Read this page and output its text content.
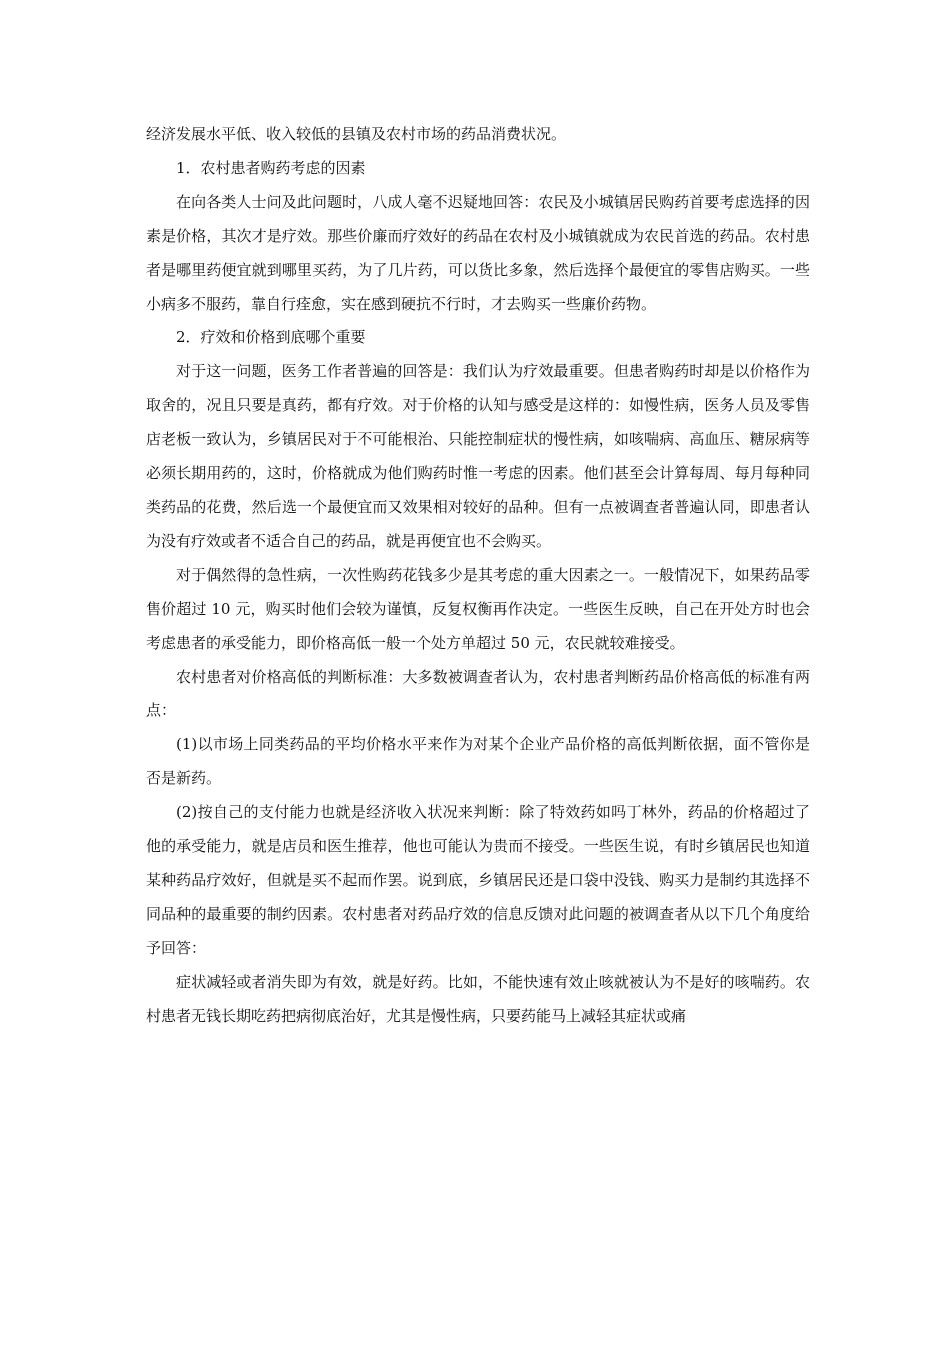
经济发展水平低、收入较低的县镇及农村市场的药品消费状况。

1．农村患者购药考虑的因素

在向各类人士问及此问题时，八成人毫不迟疑地回答：农民及小城镇居民购药首要考虑选择的因素是价格，其次才是疗效。那些价廉而疗效好的药品在农村及小城镇就成为农民首选的药品。农村患者是哪里药便宜就到哪里买药，为了几片药，可以货比多象，然后选择个最便宜的零售店购买。一些小病多不服药，靠自行痊愈，实在感到硬抗不行时，才去购买一些廉价药物。

2．疗效和价格到底哪个重要

对于这一问题，医务工作者普遍的回答是：我们认为疗效最重要。但患者购药时却是以价格作为取舍的，况且只要是真药，都有疗效。对于价格的认知与感受是这样的：如慢性病，医务人员及零售店老板一致认为，乡镇居民对于不可能根治、只能控制症状的慢性病，如咳喘病、高血压、糖尿病等必须长期用药的，这时，价格就成为他们购药时惟一考虑的因素。他们甚至会计算每周、每月每种同类药品的花费，然后选一个最便宜而又效果相对较好的品种。但有一点被调查者普遍认同，即患者认为没有疗效或者不适合自己的药品，就是再便宜也不会购买。

对于偶然得的急性病，一次性购药花钱多少是其考虑的重大因素之一。一般情况下，如果药品零售价超过 10 元，购买时他们会较为谨慎，反复权衡再作决定。一些医生反映，自己在开处方时也会考虑患者的承受能力，即价格高低一般一个处方单超过 50 元，农民就较难接受。

农村患者对价格高低的判断标准：大多数被调查者认为，农村患者判断药品价格高低的标准有两点：

(1)以市场上同类药品的平均价格水平来作为对某个企业产品价格的高低判断依据，面不管你是否是新药。

(2)按自己的支付能力也就是经济收入状况来判断：除了特效药如吗丁林外，药品的价格超过了他的承受能力，就是店员和医生推荐，他也可能认为贵而不接受。一些医生说，有时乡镇居民也知道某种药品疗效好，但就是买不起而作罢。说到底，乡镇居民还是口袋中没钱、购买力是制约其选择不同品种的最重要的制约因素。农村患者对药品疗效的信息反馈对此问题的被调查者从以下几个角度给予回答：

症状减轻或者消失即为有效，就是好药。比如，不能快速有效止咳就被认为不是好的咳喘药。农村患者无钱长期吃药把病彻底治好，尤其是慢性病，只要药能马上减轻其症状或痛
